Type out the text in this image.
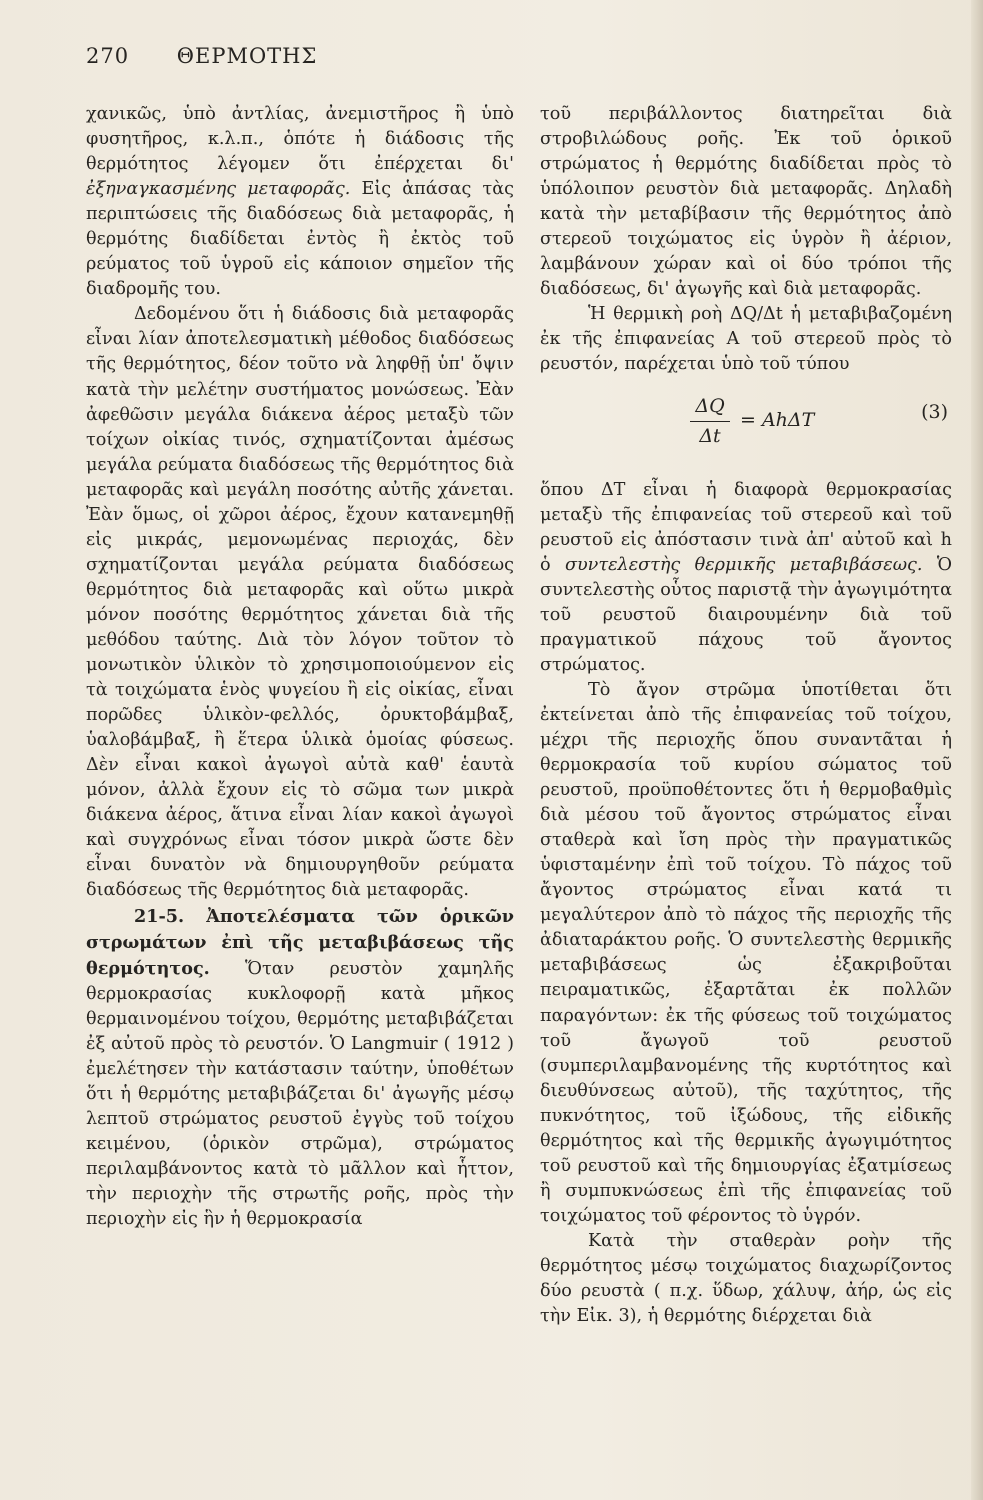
270 ΘΕΡΜΟΤΗΣ

χανικῶς, ὑπὸ ἀντλίας, ἀνεμιστῆρος ἢ ὑπὸ φυσητῆρος, κ.λ.π., ὁπότε ἡ διάδοσις τῆς θερμότητος λέγομεν ὅτι ἐπέρχεται δι' ἐξηναγκασμένης μεταφορᾶς. Εἰς ἁπάσας τὰς περιπτώσεις τῆς διαδόσεως διὰ μεταφορᾶς, ἡ θερμότης διαδίδεται ἐντὸς ἢ ἐκτὸς τοῦ ρεύματος τοῦ ὑγροῦ εἰς κάποιον σημεῖον τῆς διαδρομῆς του.

Δεδομένου ὅτι ἡ διάδοσις διὰ μεταφορᾶς εἶναι λίαν ἀποτελεσματικὴ μέθοδος διαδόσεως τῆς θερμότητος, δέον τοῦτο νὰ ληφθῇ ὑπ' ὄψιν κατὰ τὴν μελέτην συστήματος μονώσεως. Ἐὰν ἀφεθῶσιν μεγάλα διάκενα ἀέρος μεταξὺ τῶν τοίχων οἰκίας τινός, σχηματίζονται ἀμέσως μεγάλα ρεύματα διαδόσεως τῆς θερμότητος διὰ μεταφορᾶς καὶ μεγάλη ποσότης αὐτῆς χάνεται. Ἐὰν ὅμως, οἱ χῶροι ἀέρος, ἔχουν κατανεμηθῇ εἰς μικράς, μεμονωμένας περιοχάς, δὲν σχηματίζονται μεγάλα ρεύματα διαδόσεως θερμότητος διὰ μεταφορᾶς καὶ οὕτω μικρὰ μόνον ποσότης θερμότητος χάνεται διὰ τῆς μεθόδου ταύτης. Διὰ τὸν λόγον τοῦτον τὸ μονωτικὸν ὑλικὸν τὸ χρησιμοποιούμενον εἰς τὰ τοιχώματα ἑνὸς ψυγείου ἢ εἰς οἰκίας, εἶναι πορῶδες ὑλικὸν-φελλός, ὀρυκτοβάμβαξ, ὑαλοβάμβαξ, ἢ ἕτερα ὑλικὰ ὁμοίας φύσεως. Δὲν εἶναι κακοὶ ἀγωγοὶ αὐτὰ καθ' ἑαυτὰ μόνον, ἀλλὰ ἔχουν εἰς τὸ σῶμα των μικρὰ διάκενα ἀέρος, ἅτινα εἶναι λίαν κακοὶ ἀγωγοὶ καὶ συγχρόνως εἶναι τόσον μικρὰ ὥστε δὲν εἶναι δυνατὸν νὰ δημιουργηθοῦν ρεύματα διαδόσεως τῆς θερμότητος διὰ μεταφορᾶς.

21-5. Ἀποτελέσματα τῶν ὁρικῶν στρωμάτων ἐπὶ τῆς μεταβιβάσεως τῆς θερμότητος. Ὅταν ρευστὸν χαμηλῆς θερμοκρασίας κυκλοφορῇ κατὰ μῆκος θερμαινομένου τοίχου, θερμότης μεταβιβάζεται ἐξ αὐτοῦ πρὸς τὸ ρευστόν. Ὁ Langmuir ( 1912 ) ἐμελέτησεν τὴν κατάστασιν ταύτην, ὑποθέτων ὅτι ἡ θερμότης μεταβιβάζεται δι' ἀγωγῆς μέσῳ λεπτοῦ στρώματος ρευστοῦ ἐγγὺς τοῦ τοίχου κειμένου, (ὁρικὸν στρῶμα), στρώματος περιλαμβάνοντος κατὰ τὸ μᾶλλον καὶ ἧττον, τὴν περιοχὴν τῆς στρωτῆς ροῆς, πρὸς τὴν περιοχὴν εἰς ἣν ἡ θερμοκρασία

τοῦ περιβάλλοντος διατηρεῖται διὰ στροβιλώδους ροῆς. Ἐκ τοῦ ὁρικοῦ στρώματος ἡ θερμότης διαδίδεται πρὸς τὸ ὑπόλοιπον ρευστὸν διὰ μεταφορᾶς. Δηλαδὴ κατὰ τὴν μεταβίβασιν τῆς θερμότητος ἀπὸ στερεοῦ τοιχώματος εἰς ὑγρὸν ἢ ἀέριον, λαμβάνουν χώραν καὶ οἱ δύο τρόποι τῆς διαδόσεως, δι' ἀγωγῆς καὶ διὰ μεταφορᾶς.

Ἡ θερμικὴ ροὴ ΔQ/Δt ἡ μεταβιβαζομένη ἐκ τῆς ἐπιφανείας A τοῦ στερεοῦ πρὸς τὸ ρευστόν, παρέχεται ὑπὸ τοῦ τύπου

ΔQ
Δt
= AhΔT	(3)

ὅπου ΔT εἶναι ἡ διαφορὰ θερμοκρασίας μεταξὺ τῆς ἐπιφανείας τοῦ στερεοῦ καὶ τοῦ ρευστοῦ εἰς ἀπόστασιν τινὰ ἀπ' αὐτοῦ καὶ h ὁ συντελεστὴς θερμικῆς μεταβιβάσεως. Ὁ συντελεστὴς οὗτος παριστᾷ τὴν ἀγωγιμότητα τοῦ ρευστοῦ διαιρουμένην διὰ τοῦ πραγματικοῦ πάχους τοῦ ἄγοντος στρώματος.

Τὸ ἄγον στρῶμα ὑποτίθεται ὅτι ἐκτείνεται ἀπὸ τῆς ἐπιφανείας τοῦ τοίχου, μέχρι τῆς περιοχῆς ὅπου συναντᾶται ἡ θερμοκρασία τοῦ κυρίου σώματος τοῦ ρευστοῦ, προϋποθέτοντες ὅτι ἡ θερμοβαθμὶς διὰ μέσου τοῦ ἄγοντος στρώματος εἶναι σταθερὰ καὶ ἴση πρὸς τὴν πραγματικῶς ὑφισταμένην ἐπὶ τοῦ τοίχου. Τὸ πάχος τοῦ ἄγοντος στρώματος εἶναι κατά τι μεγαλύτερον ἀπὸ τὸ πάχος τῆς περιοχῆς τῆς ἀδιαταράκτου ροῆς. Ὁ συντελεστὴς θερμικῆς μεταβιβάσεως ὡς ἐξακριβοῦται πειραματικῶς, ἐξαρτᾶται ἐκ πολλῶν παραγόντων: ἐκ τῆς φύσεως τοῦ τοιχώματος τοῦ ἄγωγοῦ τοῦ ρευστοῦ (συμπεριλαμβανομένης τῆς κυρτότητος καὶ διευθύνσεως αὐτοῦ), τῆς ταχύτητος, τῆς πυκνότητος, τοῦ ἰξώδους, τῆς εἰδικῆς θερμότητος καὶ τῆς θερμικῆς ἀγωγιμότητος τοῦ ρευστοῦ καὶ τῆς δημιουργίας ἐξατμίσεως ἢ συμπυκνώσεως ἐπὶ τῆς ἐπιφανείας τοῦ τοιχώματος τοῦ φέροντος τὸ ὑγρόν.

Κατὰ τὴν σταθερὰν ροὴν τῆς θερμότητος μέσῳ τοιχώματος διαχωρίζοντος δύο ρευστὰ ( π.χ. ὕδωρ, χάλυψ, ἀήρ, ὡς εἰς τὴν Εἰκ. 3), ἡ θερμότης διέρχεται διὰ
